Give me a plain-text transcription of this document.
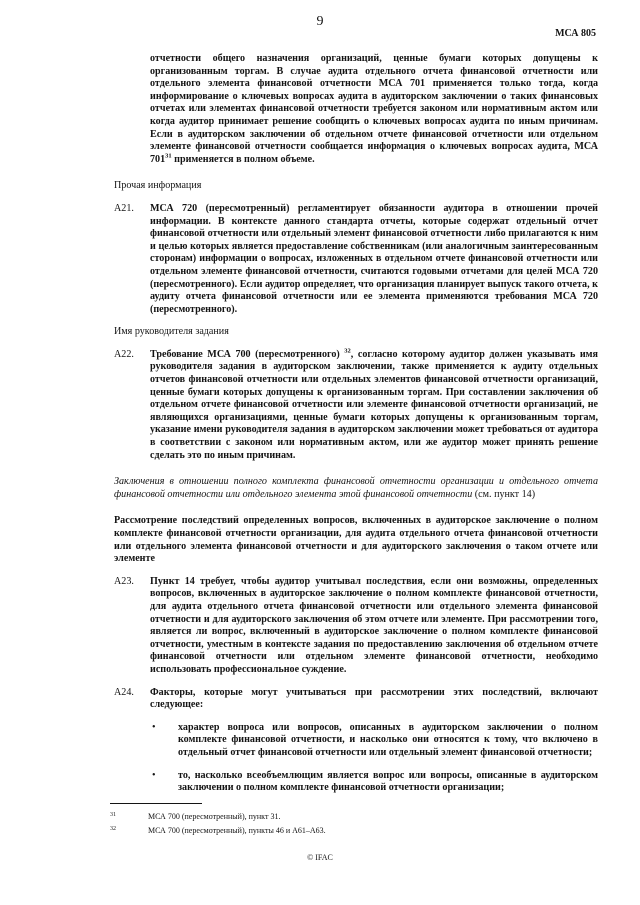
9
МСА 805

отчетности общего назначения организаций, ценные бумаги которых допущены к организованным торгам. В случае аудита отдельного отчета финансовой отчетности или отдельного элемента финансовой отчетности МСА 701 применяется только тогда, когда информирование о ключевых вопросах аудита в аудиторском заключении о таких финансовых отчетах или элементах финансовой отчетности требуется законом или нормативным актом или когда аудитор принимает решение сообщить о ключевых вопросах аудита по иным причинам. Если в аудиторском заключении об отдельном отчете финансовой отчетности или отдельном элементе финансовой отчетности сообщается информация о ключевых вопросах аудита, МСА $701^{31}$ применяется в полном объеме.

Прочая информация

A21.	МСА 720 (пересмотренный) регламентирует обязанности аудитора в отношении прочей информации. В контексте данного стандарта отчеты, которые содержат отдельный отчет финансовой отчетности или отдельный элемент финансовой отчетности либо прилагаются к ним и целью которых является предоставление собственникам (или аналогичным заинтересованным сторонам) информации о вопросах, изложенных в отдельном отчете финансовой отчетности или отдельном элементе финансовой отчетности, считаются годовыми отчетами для целей МСА 720 (пересмотренного). Если аудитор определяет, что организация планирует выпуск такого отчета, к аудиту отчета финансовой отчетности или ее элемента применяются требования МСА 720 (пересмотренного).

Имя руководителя задания

A22.	Требование МСА 700 (пересмотренного) $^{32}$, согласно которому аудитор должен указывать имя руководителя задания в аудиторском заключении, также применяется к аудиту отдельных отчетов финансовой отчетности или отдельных элементов финансовой отчетности организаций, ценные бумаги которых допущены к организованным торгам. При составлении заключения об отдельном отчете финансовой отчетности или элементе финансовой отчетности организаций, не являющихся организациями, ценные бумаги которых допущены к организованным торгам, указание имени руководителя задания в аудиторском заключении может требоваться от аудитора в соответствии с законом или нормативным актом, или же аудитор может принять решение сделать это по иным причинам.

Заключения в отношении полного комплекта финансовой отчетности организации и отдельного отчета финансовой отчетности или отдельного элемента этой финансовой отчетности (см. пункт 14)

Рассмотрение последствий определенных вопросов, включенных в аудиторское заключение о полном комплекте финансовой отчетности организации, для аудита отдельного отчета финансовой отчетности или отдельного элемента финансовой отчетности и для аудиторского заключения о таком отчете или элементе

A23.	Пункт 14 требует, чтобы аудитор учитывал последствия, если они возможны, определенных вопросов, включенных в аудиторское заключение о полном комплекте финансовой отчетности, для аудита отдельного отчета финансовой отчетности или отдельного элемента финансовой отчетности и для аудиторского заключения об этом отчете или элементе. При рассмотрении того, является ли вопрос, включенный в аудиторское заключение о полном комплекте финансовой отчетности, уместным в контексте задания по предоставлению заключения об отдельном отчете финансовой отчетности или отдельном элементе финансовой отчетности, необходимо использовать профессиональное суждение.
A24.	Факторы, которые могут учитываться при рассмотрении этих последствий, включают следующее:
•	характер вопроса или вопросов, описанных в аудиторском заключении о полном комплекте финансовой отчетности, и насколько они относятся к тому, что включено в отдельный отчет финансовой отчетности или отдельный элемент финансовой отчетности;
•	то, насколько всеобъемлющим является вопрос или вопросы, описанные в аудиторском заключении о полном комплекте финансовой отчетности организации;
31	МСА 700 (пересмотренный), пункт 31.
32	МСА 700 (пересмотренный), пункты 46 и А61–А63.
© IFAC
